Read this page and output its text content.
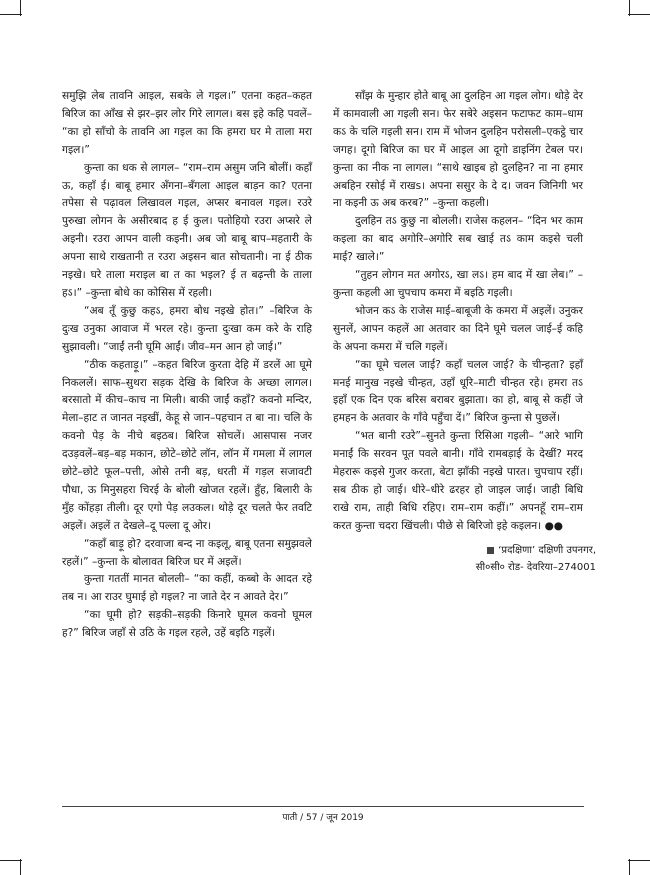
समुझि लेब तावनि आइल, सबके ले गइल।” एतना कहत–कहत बिरिज का आँख से झर–झर लोर गिरे लागल। बस इहे कहि पवलें– “का हो साँचो के तावनि आ गइल का कि हमरा घर मे ताला मरा गइल।”

कुन्ता का धक से लागल– “राम–राम असुम जनि बोलीं। कहाँ ऊ, कहाँ ई। बाबू हमार अँगना–बँगला आइल बाड़न का? एतना तपेसा से पढ़ावल लिखावल गइल, अप्सर बनावल गइल। रउरे पुरुखा लोगन के असीरबाद ह ई कुल। पतोहियो रउरा अप्सरे ले अइनी। रउरा आपन वाली कइनी। अब जो बाबू बाप–महतारी के अपना साथे राखतानी त रउरा अइसन बात सोचतानी। ना ई ठीक नइखे। घरे ताला मराइल बा त का भइल? ई त बढ़न्ती के ताला हऽ।” –कुन्ता बोधे का कोसिस में रहली।

“अब तूँ कुछु कहऽ, हमरा बोध नइखे होत।” –बिरिज के दुःख उनुका आवाज में भरल रहे। कुन्ता दुःखा कम करे के राहि सुझावली। “जाईं तनी घूमि आईं। जीव–मन आन हो जाई।”

“ठीक कहताड़ू।” –कहत बिरिज कुरता देहि में डरलें आ घूमे निकललें। साफ–सुथरा सड़क देखि के बिरिज के अच्छा लागल। बरसातो में कीच–काच ना मिली। बाकी जाईं कहाँ? कवनो मन्दिर, मेला–हाट त जानत नइखीं, केहू से जान–पहचान त बा ना। चलि के कवनो पेड़ के नीचे बइठब। बिरिज सोचलें। आसपास नजर दउड़वलें–बड़–बड़ मकान, छोटे–छोटे लॉन, लॉन में गमला में लागल छोटे–छोटे फूल–पत्ती, ओसे तनी बड़, धरती में गड़ल सजावटी पौधा, ऊ मिनुसहरा चिरई के बोली खोजत रहलें। हुँह, बिलारी के मुँह कोंहड़ा तीली। दूर एगो पेड़ लउकल। थोड़े दूर चलते फेर तवटि अइलें। अइलें त देखले–दू पल्ला दू ओर।

“कहाँ बाड़ू हो? दरवाजा बन्द ना कइलू, बाबू एतना समुझवले रहलें।” –कुन्ता के बोलावत बिरिज घर में अइलें।

कुन्ता गततीं मानत बोलली– “का कहीं, कब्बो के आदत रहे तब न। आ राउर घुमाई हो गइल? ना जाते देर न आवते देर।”

“का घूमी हो? सड़की–सड़की किनारे घूमल कवनो घूमल ह?” बिरिज जहाँ से उठि के गइल रहले, उहें बइठि गइलें।

साँझ के मुन्हार होते बाबू आ दुलहिन आ गइल लोग। थोड़े देर में कामवाली आ गइली सन। फेर सबेरे अइसन फटाफट काम–धाम कऽ के चलि गइली सन। राम में भोजन दुलहिन परोसली–एकट्ठे चार जगह। दूगो बिरिज का घर में आइल आ दूगो डाइनिंग टेबल पर। कुन्ता का नीक ना लागल। “साथे खाइब हो दुलहिन? ना ना हमार अबहिन रसोई में राखs। अपना ससुर के दे द। जवन जिनिगी भर ना कइनी ऊ अब करब?” –कुन्ता कहली।

दुलहिन तऽ कुछु ना बोलली। राजेस कहलन– “दिन भर काम कइला का बाद अगोरि–अगोरि सब खाई तऽ काम कइसे चली माई? खाले।”

“तुहन लोगन मत अगोरऽ, खा लऽ। हम बाद में खा लेब।” –कुन्ता कहली आ चुपचाप कमरा में बइठि गइली।

भोजन कऽ के राजेस माई–बाबूजी के कमरा में अइलें। उनुकर सुनलें, आपन कहलें आ अतवार का दिने घूमे चलल जाई–ई कहि के अपना कमरा में चलि गइलें।

“का घूमे चलल जाई? कहाँ चलल जाई? के चीन्हता? इहाँ मनई मानुख नइखे चीन्हत, उहाँ धूरि–माटी चीन्हत रहे। हमरा तऽ इहाँ एक दिन एक बरिस बराबर बुझाता। का हो, बाबू से कहीं जे हमहन के अतवार के गाँवे पहुँचा दें।” बिरिज कुन्ता से पुछलें।

“भत बानी रउरे”–सुनते कुन्ता रिसिआ गइली– “आरे भागि मनाईं कि सरवन पूत पवले बानी। गाँवे रामबड़ाई के देखीं? मरद मेहरारू कइसे गुजर करता, बेटा झाँकी नइखे पारत। चुपचाप रहीं। सब ठीक हो जाई। धीरे–धीरे ढरहर हो जाइल जाई। जाही बिधि राखे राम, ताही बिधि रहिए। राम–राम कहीं।” अपनहूँ राम–राम करत कुन्ता चदरा खिंचली। पीछे से बिरिजो इहे कइलन। ●●

‘प्रदक्षिणा’ दक्षिणी उपनगर,
सी०सी० रोड- देवरिया–274001
पाती / 57 / जून 2019
